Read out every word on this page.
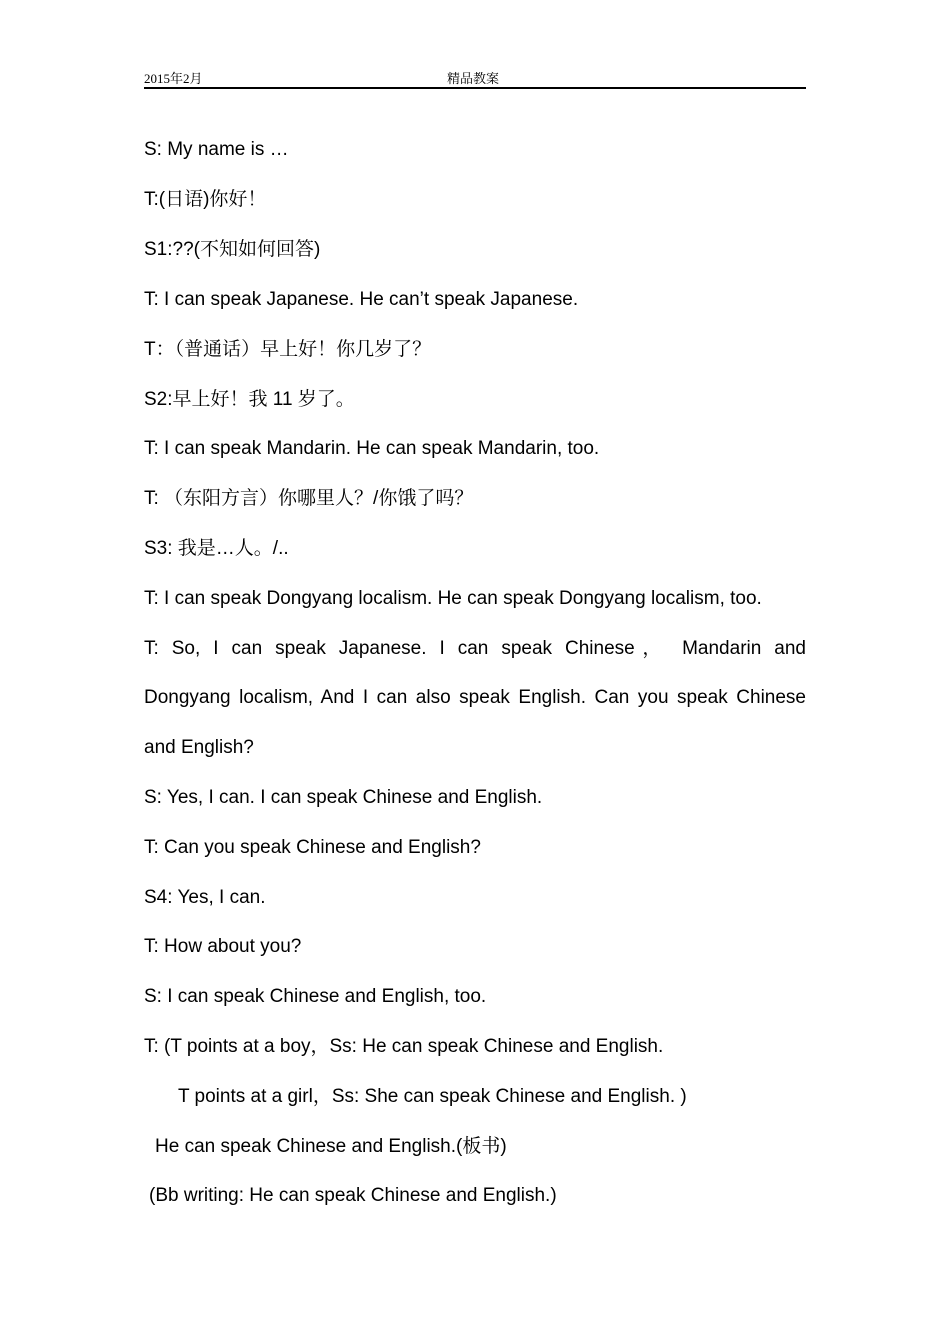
2015年2月	精品教案
S: My name is …
T:(日语)你好！
S1:??(不知如何回答)
T: I can speak Japanese. He can’t speak Japanese.
T：（普通话）早上好！你几岁了？
S2:早上好！我 11 岁了。
T: I can speak Mandarin. He can speak Mandarin, too.
T: （东阳方言）你哪里人？/你饿了吗？
S3: 我是…人。/..
T: I can speak Dongyang localism. He can speak Dongyang localism, too.
T: So, I can speak Japanese. I can speak Chinese， Mandarin and
Dongyang localism, And I can also speak English. Can you speak Chinese
and English?
S: Yes, I can. I can speak Chinese and English.
T: Can you speak Chinese and English?
S4: Yes, I can.
T: How about you?
S: I can speak Chinese and English, too.
T: (T points at a boy，Ss: He can speak Chinese and English.
T points at a girl，Ss: She can speak Chinese and English. )
He can speak Chinese and English.(板书)
(Bb writing: He can speak Chinese and English.)
